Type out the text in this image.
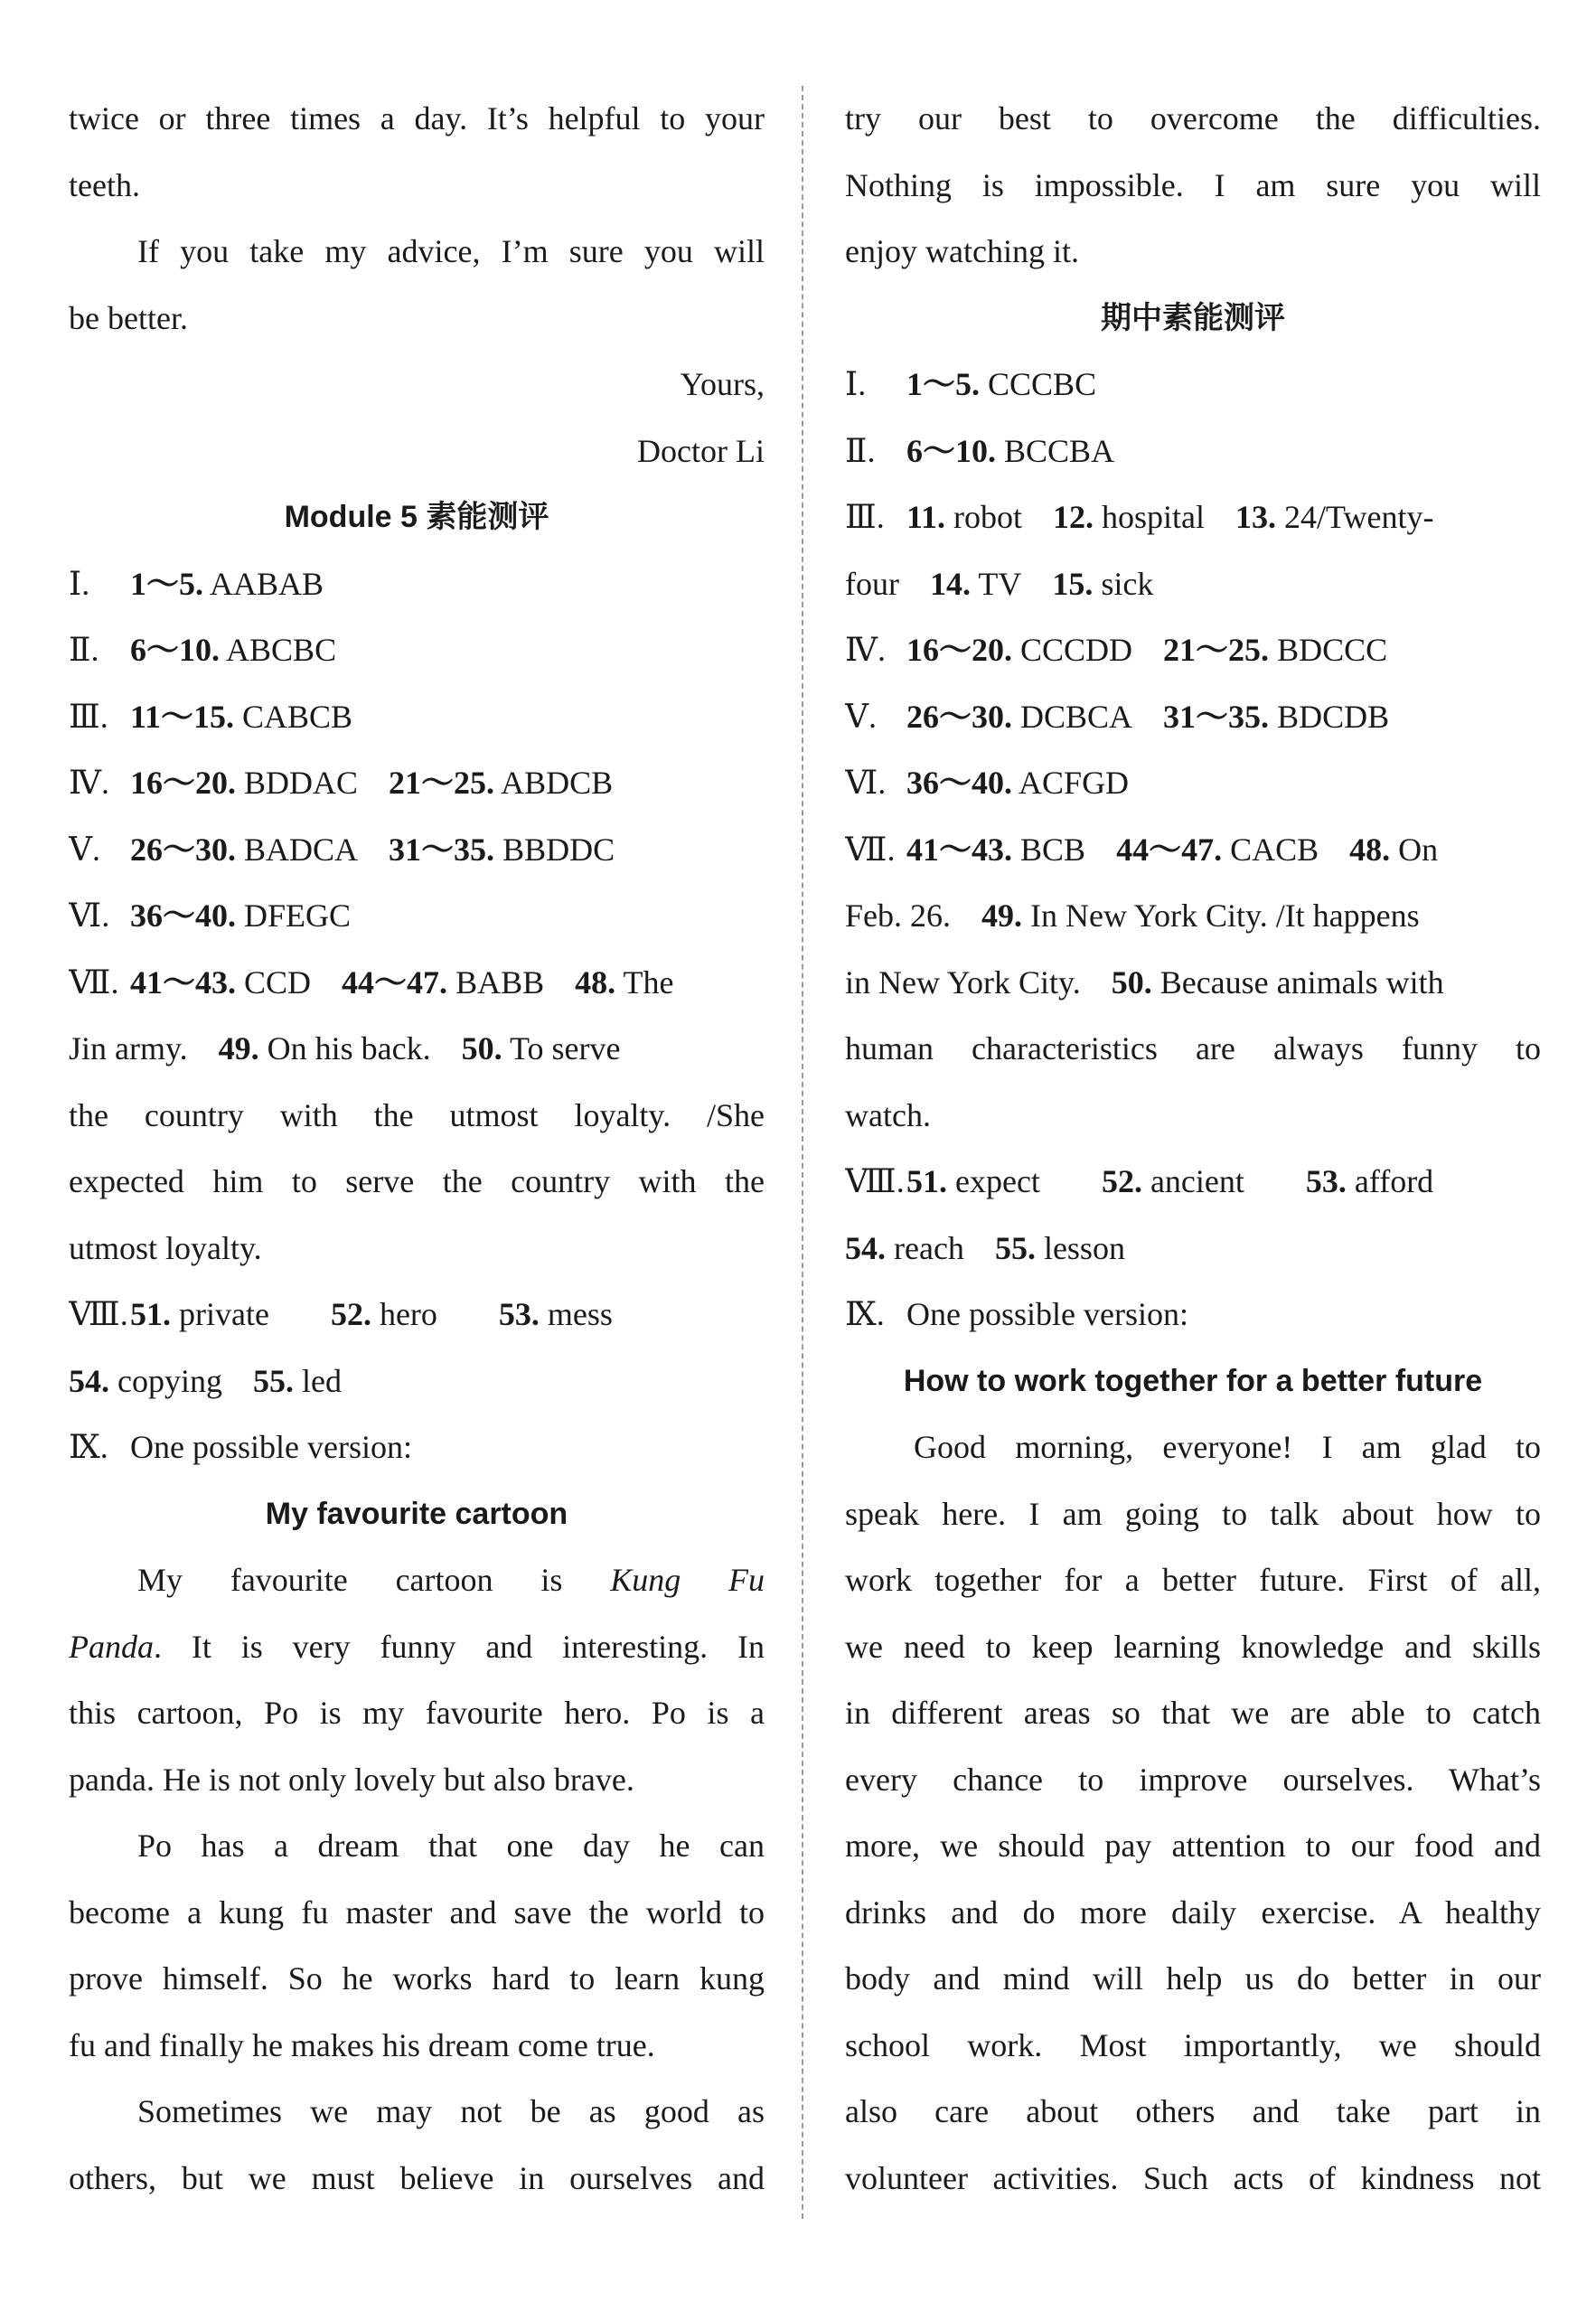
twice or three times a day. It’s helpful to your
teeth.
If you take my advice, I’m sure you will
be better.
Yours,
Doctor Li
Module 5 素能测评
Ⅰ. 1～5. AABAB
Ⅱ. 6～10. ABCBC
Ⅲ. 11～15. CABCB
Ⅳ. 16～20. BDDAC 21～25. ABDCB
Ⅴ. 26～30. BADCA 31～35. BBDDC
Ⅵ. 36～40. DFEGC
Ⅶ. 41～43. CCD 44～47. BABB 48. The
Jin army. 49. On his back. 50. To serve
the country with the utmost loyalty. /She
expected him to serve the country with the
utmost loyalty.
Ⅷ.51. private 52. hero 53. mess
54. copying 55. led
Ⅸ. One possible version:
My favourite cartoon
My favourite cartoon is Kung Fu
Panda. It is very funny and interesting. In
this cartoon, Po is my favourite hero. Po is a
panda. He is not only lovely but also brave.
Po has a dream that one day he can
become a kung fu master and save the world to
prove himself. So he works hard to learn kung
fu and finally he makes his dream come true.
Sometimes we may not be as good as
others, but we must believe in ourselves and
try our best to overcome the difficulties.
Nothing is impossible. I am sure you will
enjoy watching it.
期中素能测评
Ⅰ. 1～5. CCCBC
Ⅱ. 6～10. BCCBA
Ⅲ. 11. robot 12. hospital 13. 24/Twenty-
four 14. TV 15. sick
Ⅳ. 16～20. CCCDD 21～25. BDCCC
Ⅴ. 26～30. DCBCA 31～35. BDCDB
Ⅵ. 36～40. ACFGD
Ⅶ. 41～43. BCB 44～47. CACB 48. On
Feb. 26. 49. In New York City. /It happens
in New York City. 50. Because animals with
human characteristics are always funny to
watch.
Ⅷ.51. expect 52. ancient 53. afford
54. reach 55. lesson
Ⅸ. One possible version:
How to work together for a better future
Good morning, everyone! I am glad to
speak here. I am going to talk about how to
work together for a better future. First of all,
we need to keep learning knowledge and skills
in different areas so that we are able to catch
every chance to improve ourselves. What’s
more, we should pay attention to our food and
drinks and do more daily exercise. A healthy
body and mind will help us do better in our
school work. Most importantly, we should
also care about others and take part in
volunteer activities. Such acts of kindness not
